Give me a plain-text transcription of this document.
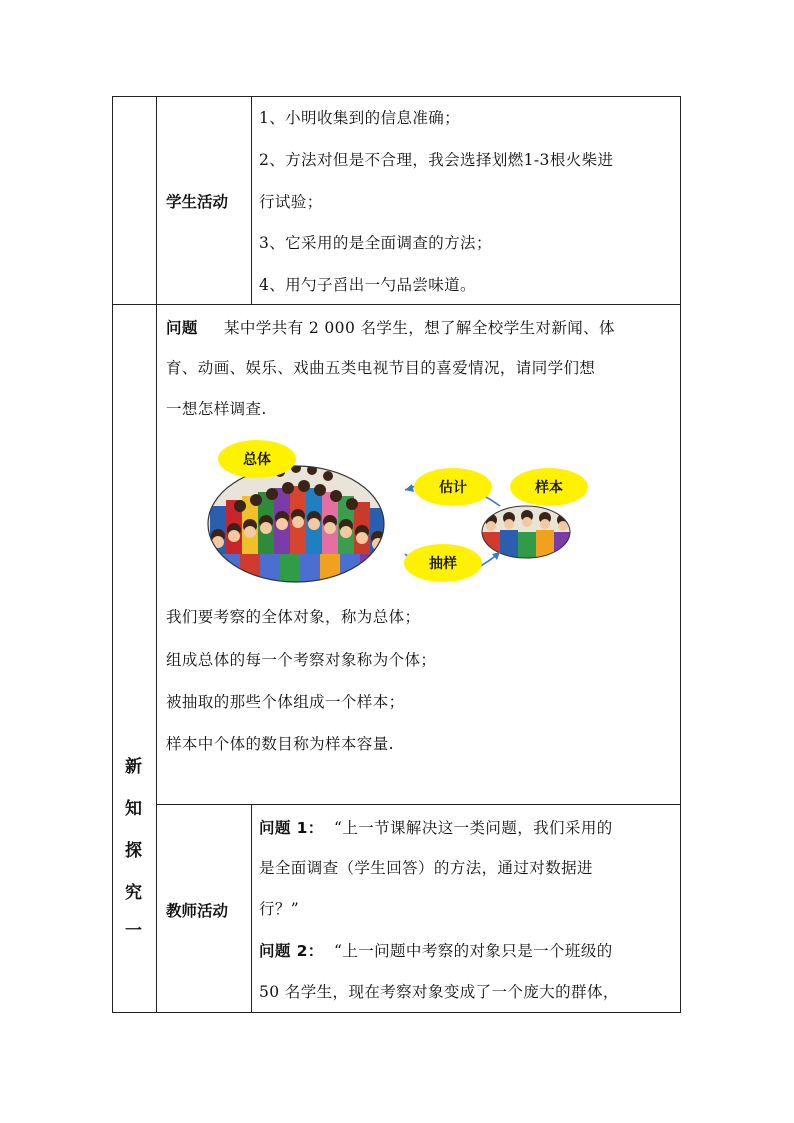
学生活动
1、小明收集到的信息准确；
2、方法对但是不合理，我会选择划燃1-3根火柴进
行试验；
3、它采用的是全面调查的方法；
4、用勺子舀出一勺品尝味道。
新
知
探
究
一
问题 某中学共有 2 000 名学生，想了解全校学生对新闻、体
育、动画、娱乐、戏曲五类电视节目的喜爱情况，请同学们想
一想怎样调查.
总体
估计	样本
抽样
我们要考察的全体对象，称为总体；
组成总体的每一个考察对象称为个体；
被抽取的那些个体组成一个样本；
样本中个体的数目称为样本容量.
教师活动
问题 1： “上一节课解决这一类问题，我们采用的
是全面调查（学生回答）的方法，通过对数据进
行？”
问题 2： “上一问题中考察的对象只是一个班级的
50 名学生，现在考察对象变成了一个庞大的群体，
